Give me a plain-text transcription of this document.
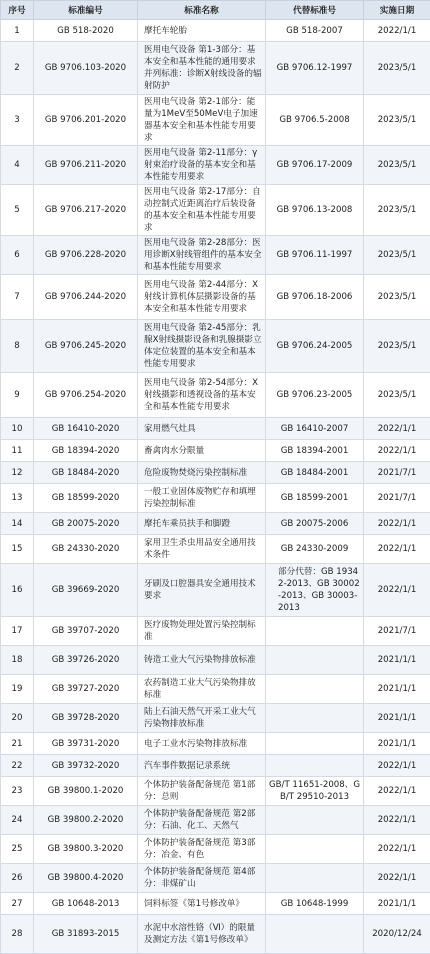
序号	标准编号	标准名称	代替标准号	实施日期
1	GB 518-2020	摩托车轮胎	GB 518-2007	2022/1/1
2	GB 9706.103-2020	医用电气设备 第1-3部分：基本安全和基本性能的通用要求 并列标准：诊断X射线设备的辐射防护	GB 9706.12-1997	2023/5/1
3	GB 9706.201-2020	医用电气设备 第2-1部分：能量为1MeV至50MeV电子加速器基本安全和基本性能专用要求	GB 9706.5-2008	2023/5/1
4	GB 9706.211-2020	医用电气设备 第2-11部分：γ射束治疗设备的基本安全和基本性能专用要求	GB 9706.17-2009	2023/5/1
5	GB 9706.217-2020	医用电气设备 第2-17部分：自动控制式近距离治疗后装设备的基本安全和基本性能专用要求	GB 9706.13-2008	2023/5/1
6	GB 9706.228-2020	医用电气设备 第2-28部分：医用诊断X射线管组件的基本安全和基本性能专用要求	GB 9706.11-1997	2023/5/1
7	GB 9706.244-2020	医用电气设备 第2-44部分：X射线计算机体层摄影设备的基本安全和基本性能专用要求	GB 9706.18-2006	2023/5/1
8	GB 9706.245-2020	医用电气设备 第2-45部分：乳腺X射线摄影设备和乳腺摄影立体定位装置的基本安全和基本性能专用要求	GB 9706.24-2005	2023/5/1
9	GB 9706.254-2020	医用电气设备 第2-54部分：X射线摄影和透视设备的基本安全和基本性能专用要求	GB 9706.23-2005	2023/5/1
10	GB 16410-2020	家用燃气灶具	GB 16410-2007	2022/1/1
11	GB 18394-2020	畜禽肉水分限量	GB 18394-2001	2022/1/1
12	GB 18484-2020	危险废物焚烧污染控制标准	GB 18484-2001	2021/7/1
13	GB 18599-2020	一般工业固体废物贮存和填埋污染控制标准	GB 18599-2001	2021/7/1
14	GB 20075-2020	摩托车乘员扶手和脚蹬	GB 20075-2006	2022/1/1
15	GB 24330-2020	家用卫生杀虫用品安全通用技术条件	GB 24330-2009	2022/1/1
16	GB 39669-2020	牙刷及口腔器具安全通用技术要求	部分代替：GB 19342-2013、GB 30002-2013、GB 30003-2013	2022/1/1
17	GB 39707-2020	医疗废物处理处置污染控制标准		2021/7/1
18	GB 39726-2020	铸造工业大气污染物排放标准		2021/1/1
19	GB 39727-2020	农药制造工业大气污染物排放标准		2021/1/1
20	GB 39728-2020	陆上石油天然气开采工业大气污染物排放标准		2021/1/1
21	GB 39731-2020	电子工业水污染物排放标准		2021/1/1
22	GB 39732-2020	汽车事件数据记录系统		2022/1/1
23	GB 39800.1-2020	个体防护装备配备规范 第1部分：总则	GB/T 11651-2008、GB/T 29510-2013	2022/1/1
24	GB 39800.2-2020	个体防护装备配备规范 第2部分：石油、化工、天然气		2022/1/1
25	GB 39800.3-2020	个体防护装备配备规范 第3部分：冶金、有色		2022/1/1
26	GB 39800.4-2020	个体防护装备配备规范 第4部分：非煤矿山		2022/1/1
27	GB 10648-2013	饲料标签《第1号修改单》	GB 10648-1999	2021/1/1
28	GB 31893-2015	水泥中水溶性铬（Ⅵ）的限量及测定方法《第1号修改单》		2020/12/24
